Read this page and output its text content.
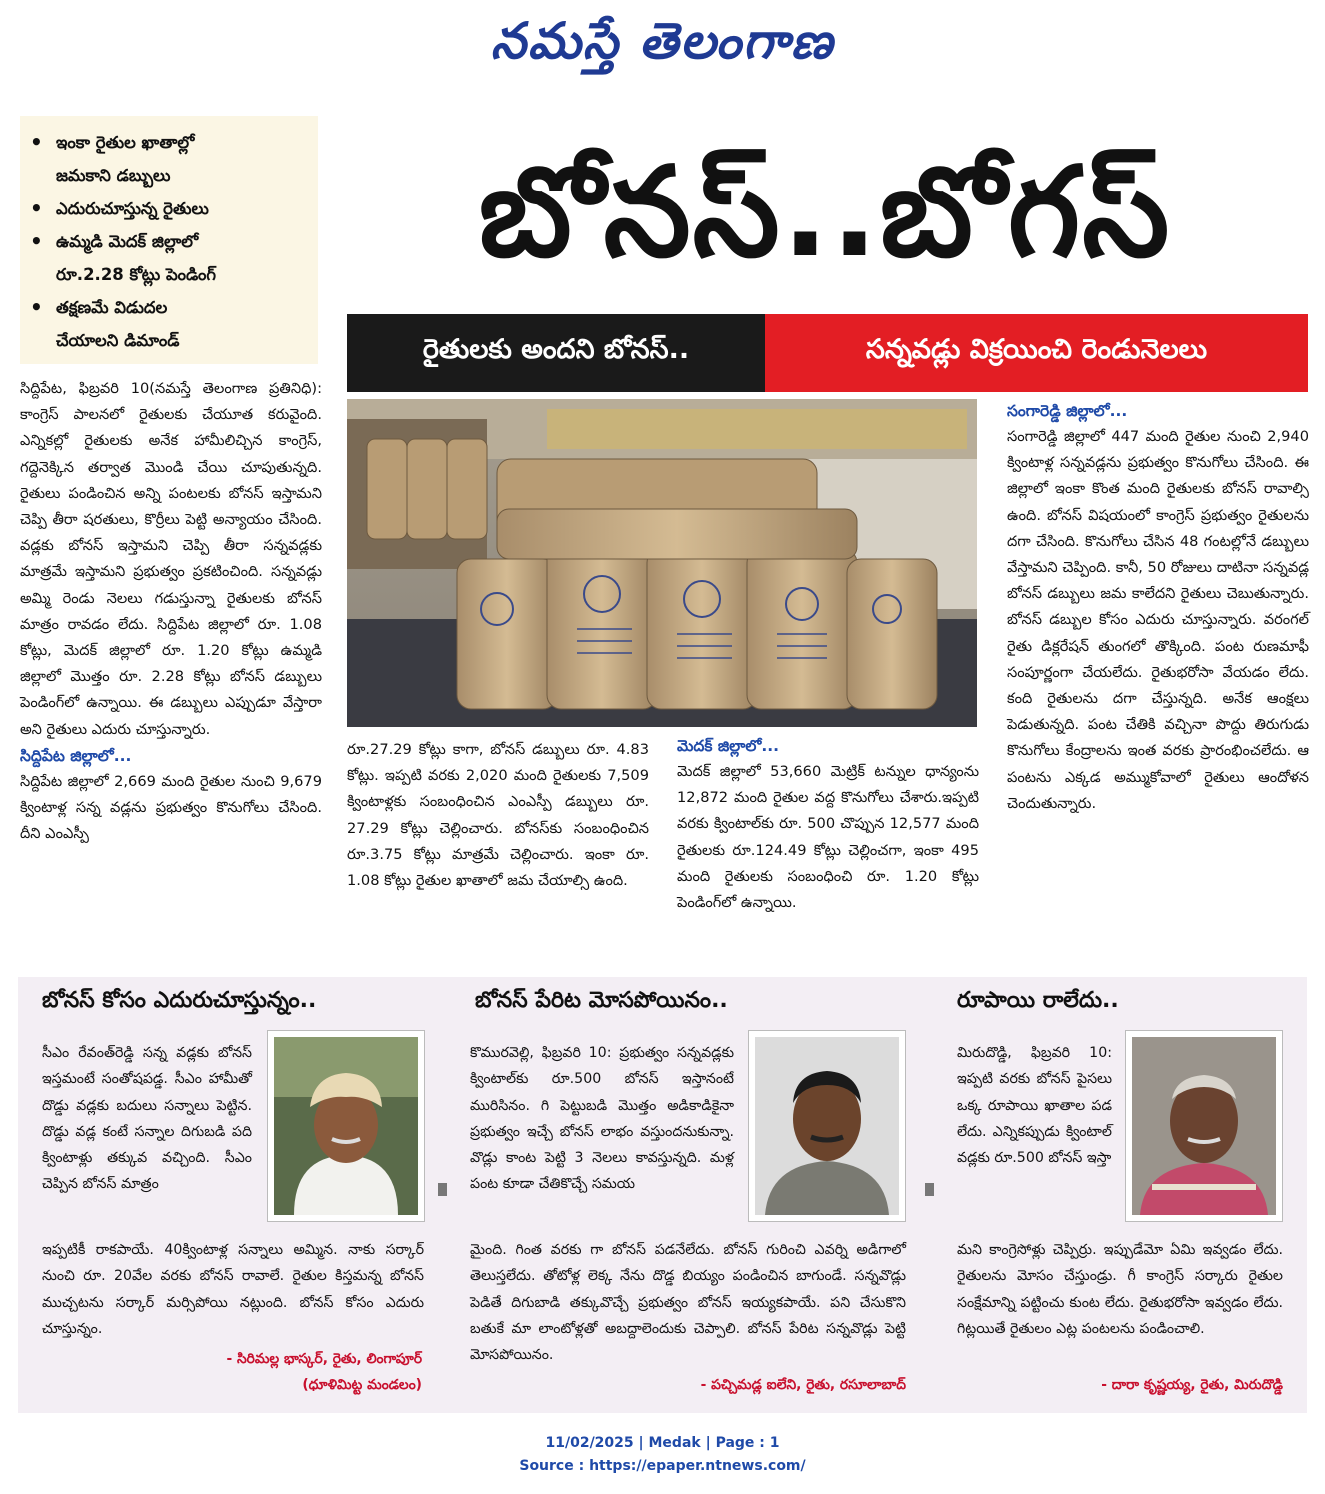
నమస్తే తెలంగాణ
• ఇంకా రైతుల ఖాతాల్లో
జమకాని డబ్బులు
• ఎదురుచూస్తున్న రైతులు
• ఉమ్మడి మెదక్ జిల్లాలో
రూ.2.28 కోట్లు పెండింగ్
• తక్షణమే విడుదల
చేయాలని డిమాండ్
బోనస్..బోగస్
రైతులకు అందని బోనస్..	సన్నవడ్లు విక్రయించి రెండునెలలు
సిద్దిపేట, ఫిబ్రవరి 10(నమస్తే తెలంగాణ ప్రతినిధి): కాంగ్రెస్ పాలనలో రైతులకు చేయూత కరువైంది. ఎన్నికల్లో రైతులకు అనేక హామీలిచ్చిన కాంగ్రెస్, గద్దెనెక్కిన తర్వాత మొండి చేయి చూపుతున్నది. రైతులు పండించిన అన్ని పంటలకు బోనస్ ఇస్తామని చెప్పి తీరా షరతులు, కొర్రీలు పెట్టి అన్యాయం చేసింది. వడ్లకు బోనస్ ఇస్తామని చెప్పి తీరా సన్నవడ్లకు మాత్రమే ఇస్తామని ప్రభుత్వం ప్రకటించింది. సన్నవడ్లు అమ్మి రెండు నెలలు గడుస్తున్నా రైతులకు బోనస్ మాత్రం రావడం లేదు. సిద్దిపేట జిల్లాలో రూ. 1.08 కోట్లు, మెదక్ జిల్లాలో రూ. 1.20 కోట్లు ఉమ్మడి జిల్లాలో మొత్తం రూ. 2.28 కోట్లు బోనస్ డబ్బులు పెండింగ్‌లో ఉన్నాయి. ఈ డబ్బులు ఎప్పుడూ వేస్తారా అని రైతులు ఎదురు చూస్తున్నారు.
సిద్దిపేట జిల్లాలో...
సిద్దిపేట జిల్లాలో 2,669 మంది రైతుల నుంచి 9,679 క్వింటాళ్ల సన్న వడ్లను ప్రభుత్వం కొనుగోలు చేసింది. దీని ఎంఎస్పీ
రూ.27.29 కోట్లు కాగా, బోనస్ డబ్బులు రూ. 4.83 కోట్లు. ఇప్పటి వరకు 2,020 మంది రైతులకు 7,509 క్వింటాళ్లకు సంబంధించిన ఎంఎస్పీ డబ్బులు రూ. 27.29 కోట్లు చెల్లించారు. బోనస్‌కు సంబంధించిన రూ.3.75 కోట్లు మాత్రమే చెల్లించారు. ఇంకా రూ. 1.08 కోట్లు రైతుల ఖాతాలో జమ చేయాల్సి ఉంది.
మెదక్ జిల్లాలో...
మెదక్ జిల్లాలో 53,660 మెట్రిక్ టన్నుల ధాన్యంను 12,872 మంది రైతుల వద్ద కొనుగోలు చేశారు.ఇప్పటి వరకు క్వింటాల్‌కు రూ. 500 చొప్పున 12,577 మంది రైతులకు రూ.124.49 కోట్లు చెల్లించగా, ఇంకా 495 మంది రైతులకు సంబంధించి రూ. 1.20 కోట్లు పెండింగ్‌లో ఉన్నాయి.
సంగారెడ్డి జిల్లాలో...
సంగారెడ్డి జిల్లాలో 447 మంది రైతుల నుంచి 2,940 క్వింటాళ్ల సన్నవడ్లను ప్రభుత్వం కొనుగోలు చేసింది. ఈ జిల్లాలో ఇంకా కొంత మంది రైతులకు బోనస్ రావాల్సి ఉంది. బోనస్ విషయంలో కాంగ్రెస్ ప్రభుత్వం రైతులను దగా చేసింది. కొనుగోలు చేసిన 48 గంటల్లోనే డబ్బులు వేస్తామని చెప్పింది. కానీ, 50 రోజులు దాటినా సన్నవడ్ల బోనస్ డబ్బులు జమ కాలేదని రైతులు చెబుతున్నారు. బోనస్ డబ్బుల కోసం ఎదురు చూస్తున్నారు. వరంగల్ రైతు డిక్లరేషన్ తుంగలో తొక్కింది. పంట రుణమాఫీ సంపూర్ణంగా చేయలేదు. రైతుభరోసా వేయడం లేదు. కంది రైతులను దగా చేస్తున్నది. అనేక ఆంక్షలు పెడుతున్నది. పంట చేతికి వచ్చినా పొద్దు తిరుగుడు కొనుగోలు కేంద్రాలను ఇంత వరకు ప్రారంభించలేదు. ఆ పంటను ఎక్కడ అమ్ముకోవాలో రైతులు ఆందోళన చెందుతున్నారు.
బోనస్ కోసం ఎదురుచూస్తున్నం..
సీఎం రేవంత్‌రెడ్డి సన్న వడ్లకు బోనస్ ఇస్తమంటే సంతోషపడ్డ. సీఎం హామీతో దొడ్డు వడ్లకు బదులు సన్నాలు పెట్టిన. దొడ్డు వడ్ల కంటే సన్నాల దిగుబడి పది క్వింటాళ్లు తక్కువ వచ్చింది. సీఎం చెప్పిన బోనస్ మాత్రం
ఇప్పటికీ రాకపాయే. 40క్వింటాళ్ల సన్నాలు అమ్మిన. నాకు సర్కార్ నుంచి రూ. 20వేల వరకు బోనస్ రావాలే. రైతుల కిస్తమన్న బోనస్ ముచ్చటను సర్కార్ మర్సిపోయి నట్లుంది. బోనస్ కోసం ఎదురు చూస్తున్నం.
- సిరిమల్ల భాస్కర్, రైతు, లింగాపూర్
(ధూళిమిట్ట మండలం)
బోనస్ పేరిట మోసపోయినం..
కొమురవెల్లి, ఫిబ్రవరి 10: ప్రభుత్వం సన్నవడ్లకు క్వింటాల్‌కు రూ.500 బోనస్ ఇస్తానంటే మురిసినం. గి పెట్టుబడి మొత్తం అడికాడికైనా ప్రభుత్వం ఇచ్చే బోనస్ లాభం వస్తుందనుకున్నా. వొడ్లు కాంట పెట్టి 3 నెలలు కావస్తున్నది. మళ్ల పంట కూడా చేతికొచ్చే సమయ
మైంది. గింత వరకు గా బోనస్ పడనేలేదు. బోనస్ గురించి ఎవర్ని అడిగాలో తెలుస్తలేదు. తోటోళ్ల లెక్క నేను దొడ్డ బియ్యం పండించిన బాగుండే. సన్నవొడ్లు పెడితే దిగుబాడి తక్కువొచ్చే ప్రభుత్వం బోనస్ ఇయ్యకపాయే. పని చేసుకొని బతుకే మా లాంటోళ్లతో అబద్దాలెందుకు చెప్పాలి. బోనస్ పేరిట సన్నవొడ్లు పెట్టి మోసపోయినం.
- పచ్చిమడ్ల ఐలేని, రైతు, రసూలాబాద్
రూపాయి రాలేదు..
మిరుదొడ్డి, ఫిబ్రవరి 10: ఇప్పటి వరకు బోనస్ పైసలు ఒక్క రూపాయి ఖాతాల పడ లేదు. ఎన్నికప్పుడు క్వింటాల్ వడ్లకు రూ.500 బోనస్ ఇస్తా
మని కాంగ్రెసోళ్లు చెప్పిర్రు. ఇప్పుడేమో ఏమి ఇవ్వడం లేదు. రైతులను మోసం చేస్తుండ్రు. గీ కాంగ్రెస్ సర్కారు రైతుల సంక్షేమాన్ని పట్టించు కుంట లేదు. రైతుభరోసా ఇవ్వడం లేదు. గిట్లయితే రైతులం ఎట్ల పంటలను పండించాలి.
- దారా కృష్ణయ్య, రైతు, మిరుదొడ్డి
11/02/2025 | Medak | Page : 1
Source : https://epaper.ntnews.com/
